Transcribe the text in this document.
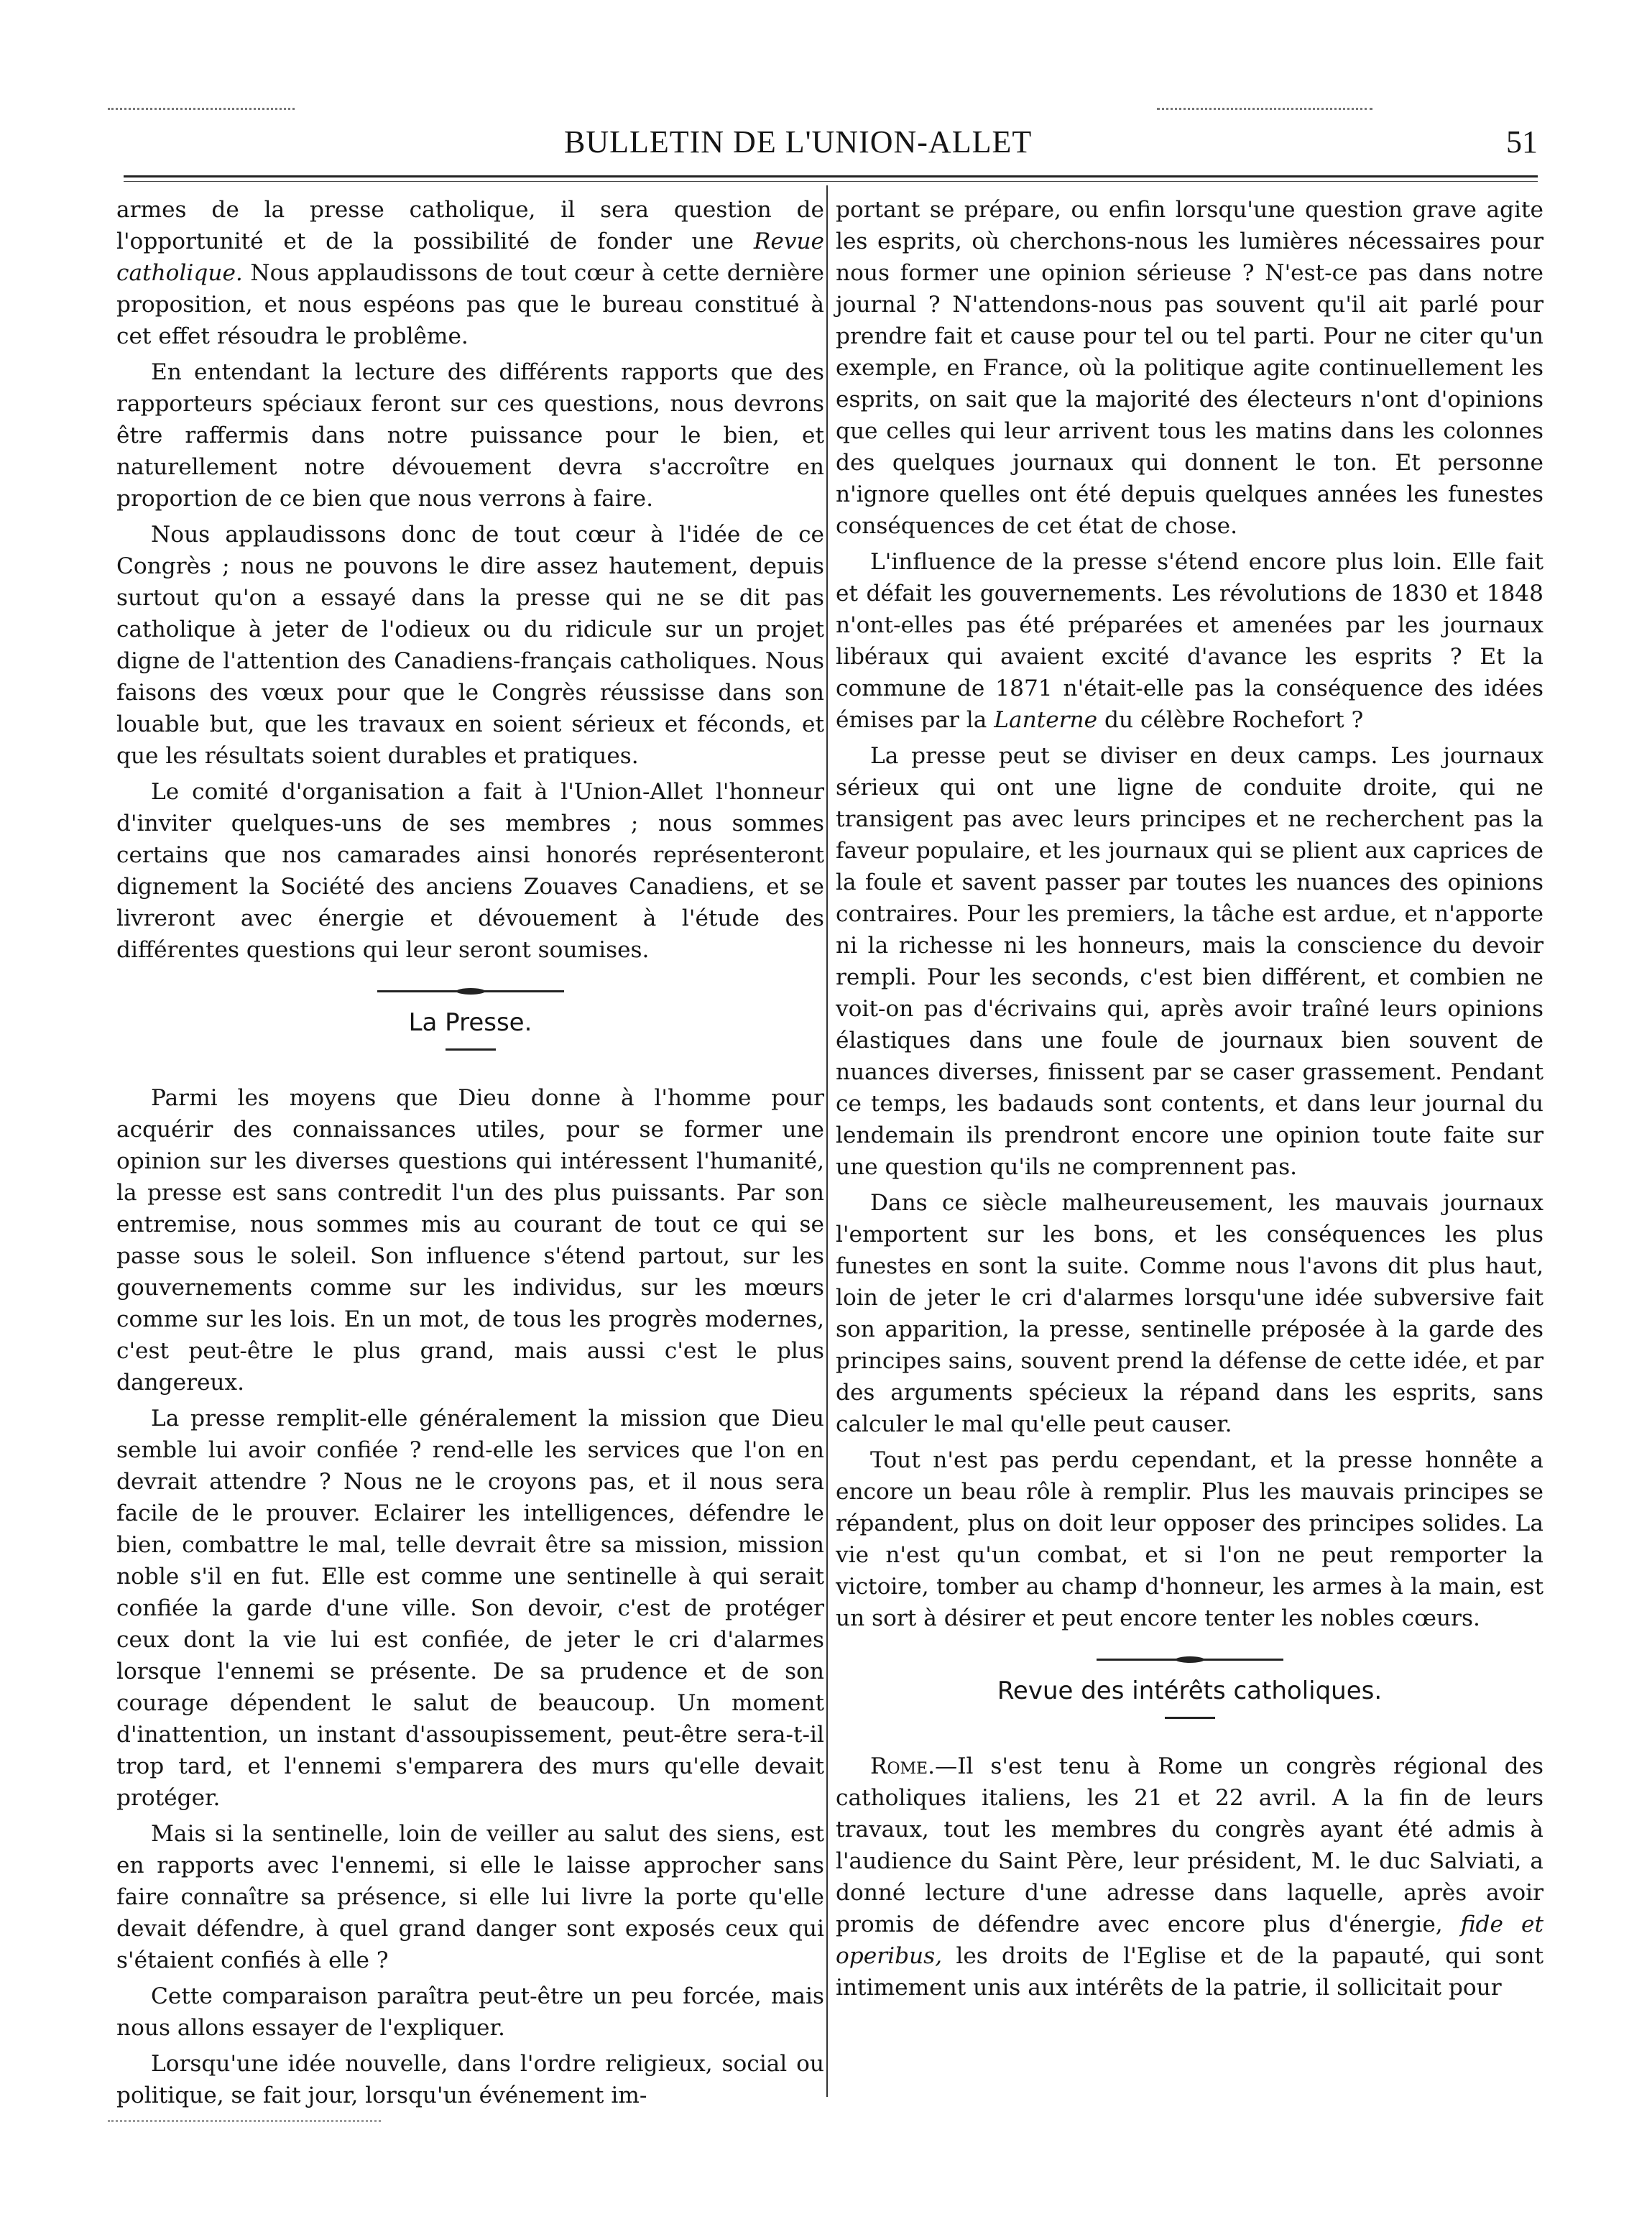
BULLETIN DE L'UNION-ALLET	51

armes de la presse catholique, il sera question de l'opportunité et de la possibilité de fonder une Revue catholique. Nous applaudissons de tout cœur à cette dernière proposition, et nous espéons pas que le bureau constitué à cet effet résoudra le problême.

En entendant la lecture des différents rapports que des rapporteurs spéciaux feront sur ces questions, nous devrons être raffermis dans notre puissance pour le bien, et naturellement notre dévouement devra s'accroître en proportion de ce bien que nous verrons à faire.

Nous applaudissons donc de tout cœur à l'idée de ce Congrès ; nous ne pouvons le dire assez hautement, depuis surtout qu'on a essayé dans la presse qui ne se dit pas catholique à jeter de l'odieux ou du ridicule sur un projet digne de l'attention des Canadiens-français catholiques. Nous faisons des vœux pour que le Congrès réussisse dans son louable but, que les travaux en soient sérieux et féconds, et que les résultats soient durables et pratiques.

Le comité d'organisation a fait à l'Union-Allet l'honneur d'inviter quelques-uns de ses membres ; nous sommes certains que nos camarades ainsi honorés représenteront dignement la Société des anciens Zouaves Canadiens, et se livreront avec énergie et dévouement à l'étude des différentes questions qui leur seront soumises.

La Presse.

Parmi les moyens que Dieu donne à l'homme pour acquérir des connaissances utiles, pour se former une opinion sur les diverses questions qui intéressent l'humanité, la presse est sans contredit l'un des plus puissants. Par son entremise, nous sommes mis au courant de tout ce qui se passe sous le soleil. Son influence s'étend partout, sur les gouvernements comme sur les individus, sur les mœurs comme sur les lois. En un mot, de tous les progrès modernes, c'est peut-être le plus grand, mais aussi c'est le plus dangereux.

La presse remplit-elle généralement la mission que Dieu semble lui avoir confiée ? rend-elle les services que l'on en devrait attendre ? Nous ne le croyons pas, et il nous sera facile de le prouver. Eclairer les intelligences, défendre le bien, combattre le mal, telle devrait être sa mission, mission noble s'il en fut. Elle est comme une sentinelle à qui serait confiée la garde d'une ville. Son devoir, c'est de protéger ceux dont la vie lui est confiée, de jeter le cri d'alarmes lorsque l'ennemi se présente. De sa prudence et de son courage dépendent le salut de beaucoup. Un moment d'inattention, un instant d'assoupissement, peut-être sera-t-il trop tard, et l'ennemi s'emparera des murs qu'elle devait protéger.

Mais si la sentinelle, loin de veiller au salut des siens, est en rapports avec l'ennemi, si elle le laisse approcher sans faire connaître sa présence, si elle lui livre la porte qu'elle devait défendre, à quel grand danger sont exposés ceux qui s'étaient confiés à elle ?

Cette comparaison paraîtra peut-être un peu forcée, mais nous allons essayer de l'expliquer.

Lorsqu'une idée nouvelle, dans l'ordre religieux, social ou politique, se fait jour, lorsqu'un événement im-

portant se prépare, ou enfin lorsqu'une question grave agite les esprits, où cherchons-nous les lumières nécessaires pour nous former une opinion sérieuse ? N'est-ce pas dans notre journal ? N'attendons-nous pas souvent qu'il ait parlé pour prendre fait et cause pour tel ou tel parti. Pour ne citer qu'un exemple, en France, où la politique agite continuellement les esprits, on sait que la majorité des électeurs n'ont d'opinions que celles qui leur arrivent tous les matins dans les colonnes des quelques journaux qui donnent le ton. Et personne n'ignore quelles ont été depuis quelques années les funestes conséquences de cet état de chose.

L'influence de la presse s'étend encore plus loin. Elle fait et défait les gouvernements. Les révolutions de 1830 et 1848 n'ont-elles pas été préparées et amenées par les journaux libéraux qui avaient excité d'avance les esprits ? Et la commune de 1871 n'était-elle pas la conséquence des idées émises par la Lanterne du célèbre Rochefort ?

La presse peut se diviser en deux camps. Les journaux sérieux qui ont une ligne de conduite droite, qui ne transigent pas avec leurs principes et ne recherchent pas la faveur populaire, et les journaux qui se plient aux caprices de la foule et savent passer par toutes les nuances des opinions contraires. Pour les premiers, la tâche est ardue, et n'apporte ni la richesse ni les honneurs, mais la conscience du devoir rempli. Pour les seconds, c'est bien différent, et combien ne voit-on pas d'écrivains qui, après avoir traîné leurs opinions élastiques dans une foule de journaux bien souvent de nuances diverses, finissent par se caser grassement. Pendant ce temps, les badauds sont contents, et dans leur journal du lendemain ils prendront encore une opinion toute faite sur une question qu'ils ne comprennent pas.

Dans ce siècle malheureusement, les mauvais journaux l'emportent sur les bons, et les conséquences les plus funestes en sont la suite. Comme nous l'avons dit plus haut, loin de jeter le cri d'alarmes lorsqu'une idée subversive fait son apparition, la presse, sentinelle préposée à la garde des principes sains, souvent prend la défense de cette idée, et par des arguments spécieux la répand dans les esprits, sans calculer le mal qu'elle peut causer.

Tout n'est pas perdu cependant, et la presse honnête a encore un beau rôle à remplir. Plus les mauvais principes se répandent, plus on doit leur opposer des principes solides. La vie n'est qu'un combat, et si l'on ne peut remporter la victoire, tomber au champ d'honneur, les armes à la main, est un sort à désirer et peut encore tenter les nobles cœurs.

Revue des intérêts catholiques.

Rome.—Il s'est tenu à Rome un congrès régional des catholiques italiens, les 21 et 22 avril. A la fin de leurs travaux, tout les membres du congrès ayant été admis à l'audience du Saint Père, leur président, M. le duc Salviati, a donné lecture d'une adresse dans laquelle, après avoir promis de défendre avec encore plus d'énergie, fide et operibus, les droits de l'Eglise et de la papauté, qui sont intimement unis aux intérêts de la patrie, il sollicitait pour
